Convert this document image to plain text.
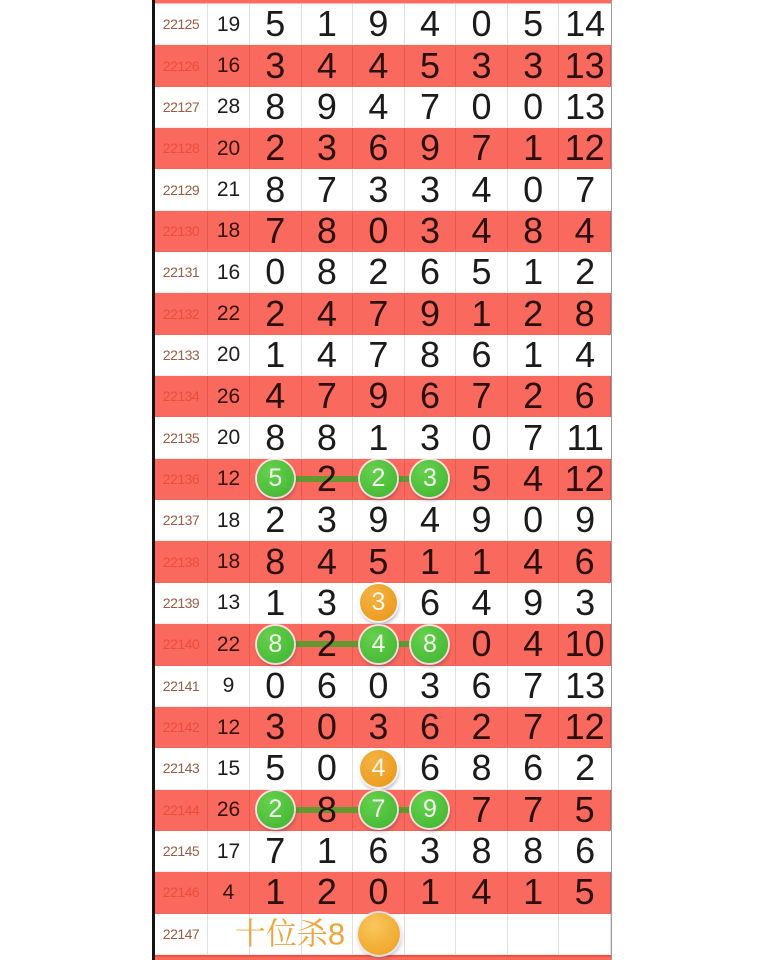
22125 19 5 1 9 4 0 5 14
22126 16 3 4 4 5 3 3 13
22127 28 8 9 4 7 0 0 13
22128 20 2 3 6 9 7 1 12
22129 21 8 7 3 3 4 0 7
22130 18 7 8 0 3 4 8 4
22131 16 0 8 2 6 5 1 2
22132 22 2 4 7 9 1 2 8
22133 20 1 4 7 8 6 1 4
22134 26 4 7 9 6 7 2 6
22135 20 8 8 1 3 0 7 11
22136 12	5 2	2	3 5 4 12
22137 18 2 3 9 4 9 0 9
22138 18 8 4 5 1 1 4 6
22139 13 1 3	3 6 4 9 3
22140 22	8 2	4	8 0 4 10
22141 9 0 6 0 3 6 7 13
22142 12 3 0 3 6 2 7 12
22143 15 5 0	4 6 8 6 2
22144 26	2 8	7	9 7 7 5
22145 17 7 1 6 3 8 8 6
22146 4 1 2 0 1 4 1 5
22147	十位杀8
